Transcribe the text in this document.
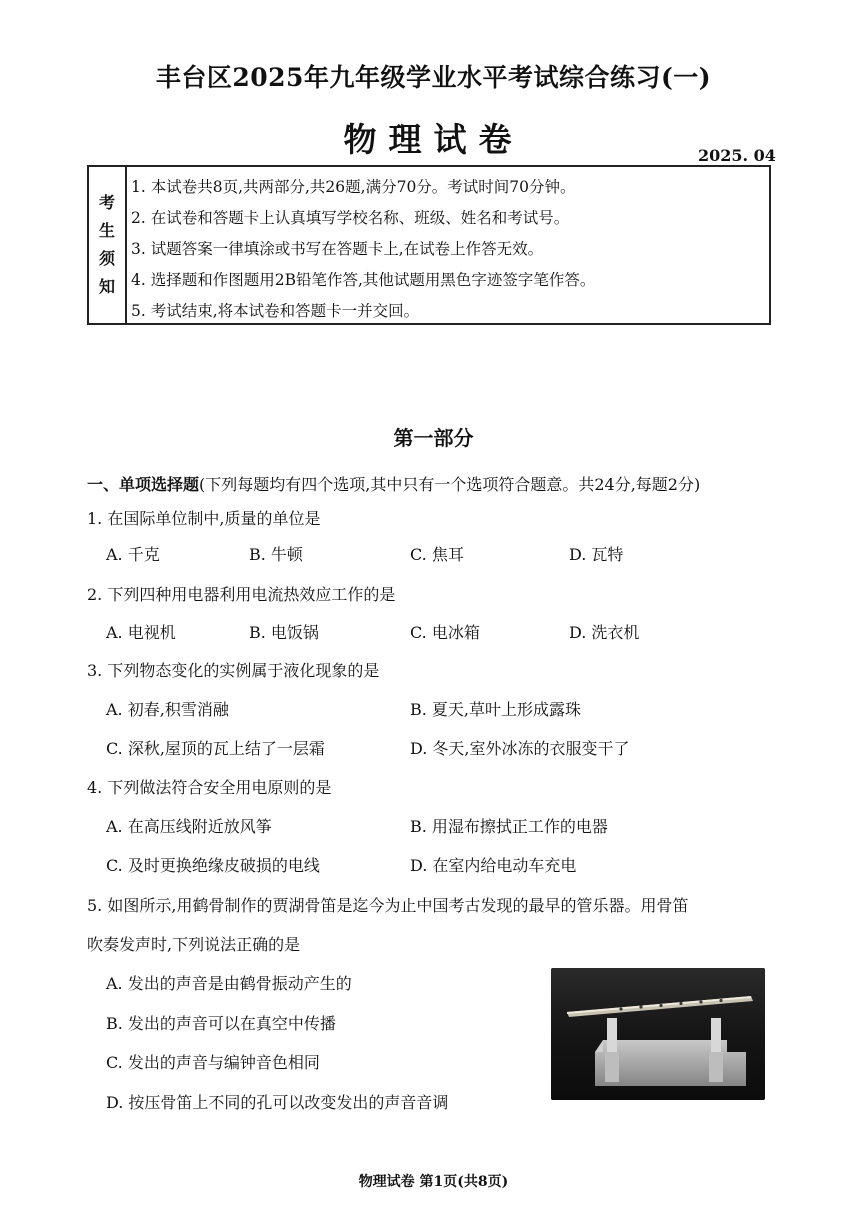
丰台区2025年九年级学业水平考试综合练习(一)
物理试卷	2025. 04
考
生
须
知
1. 本试卷共8页,共两部分,共26题,满分70分。考试时间70分钟。
2. 在试卷和答题卡上认真填写学校名称、班级、姓名和考试号。
3. 试题答案一律填涂或书写在答题卡上,在试卷上作答无效。
4. 选择题和作图题用2B铅笔作答,其他试题用黑色字迹签字笔作答。
5. 考试结束,将本试卷和答题卡一并交回。
第一部分
一、单项选择题(下列每题均有四个选项,其中只有一个选项符合题意。共24分,每题2分)
1. 在国际单位制中,质量的单位是
A. 千克	B. 牛顿	C. 焦耳	D. 瓦特
2. 下列四种用电器利用电流热效应工作的是
A. 电视机	B. 电饭锅	C. 电冰箱	D. 洗衣机
3. 下列物态变化的实例属于液化现象的是
A. 初春,积雪消融	B. 夏天,草叶上形成露珠
C. 深秋,屋顶的瓦上结了一层霜	D. 冬天,室外冰冻的衣服变干了
4. 下列做法符合安全用电原则的是
A. 在高压线附近放风筝	B. 用湿布擦拭正工作的电器
C. 及时更换绝缘皮破损的电线	D. 在室内给电动车充电
5. 如图所示,用鹤骨制作的贾湖骨笛是迄今为止中国考古发现的最早的管乐器。用骨笛
吹奏发声时,下列说法正确的是
A. 发出的声音是由鹤骨振动产生的
B. 发出的声音可以在真空中传播
C. 发出的声音与编钟音色相同
D. 按压骨笛上不同的孔可以改变发出的声音音调
物理试卷 第1页(共8页)
